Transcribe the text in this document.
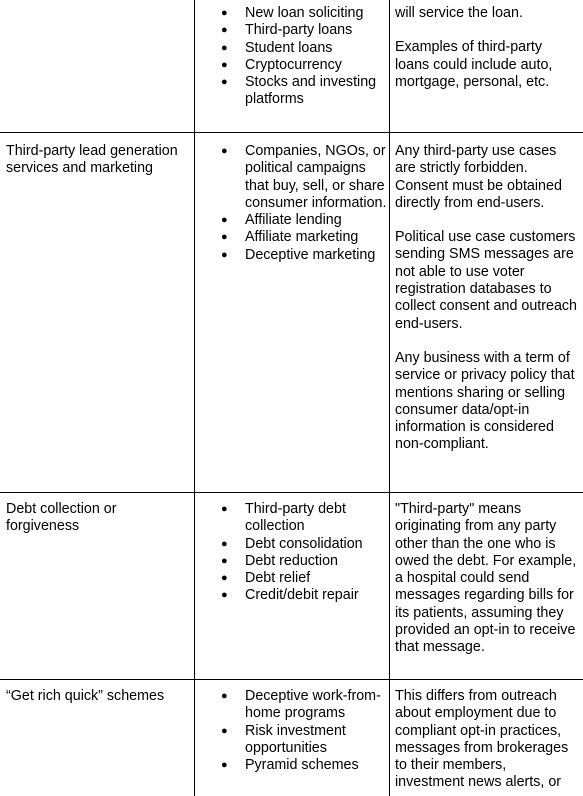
● New loan soliciting
● Third-party loans
● Student loans
● Cryptocurrency
● Stocks and investing platforms

will service the loan.

Examples of third-party loans could include auto, mortgage, personal, etc.

Third-party lead generation services and marketing
● Companies, NGOs, or political campaigns that buy, sell, or share consumer information.
● Affiliate lending
● Affiliate marketing
● Deceptive marketing

Any third-party use cases are strictly forbidden. Consent must be obtained directly from end-users.

Political use case customers sending SMS messages are not able to use voter registration databases to collect consent and outreach end-users.

Any business with a term of service or privacy policy that mentions sharing or selling consumer data/opt-in information is considered non-compliant.

Debt collection or forgiveness
● Third-party debt collection
● Debt consolidation
● Debt reduction
● Debt relief
● Credit/debit repair

"Third-party" means originating from any party other than the one who is owed the debt. For example, a hospital could send messages regarding bills for its patients, assuming they provided an opt-in to receive that message.

“Get rich quick” schemes
●	Deceptive work-from-home programs
● Risk investment opportunities
● Pyramid schemes

This differs from outreach about employment due to compliant opt-in practices, messages from brokerages to their members, investment news alerts, or
